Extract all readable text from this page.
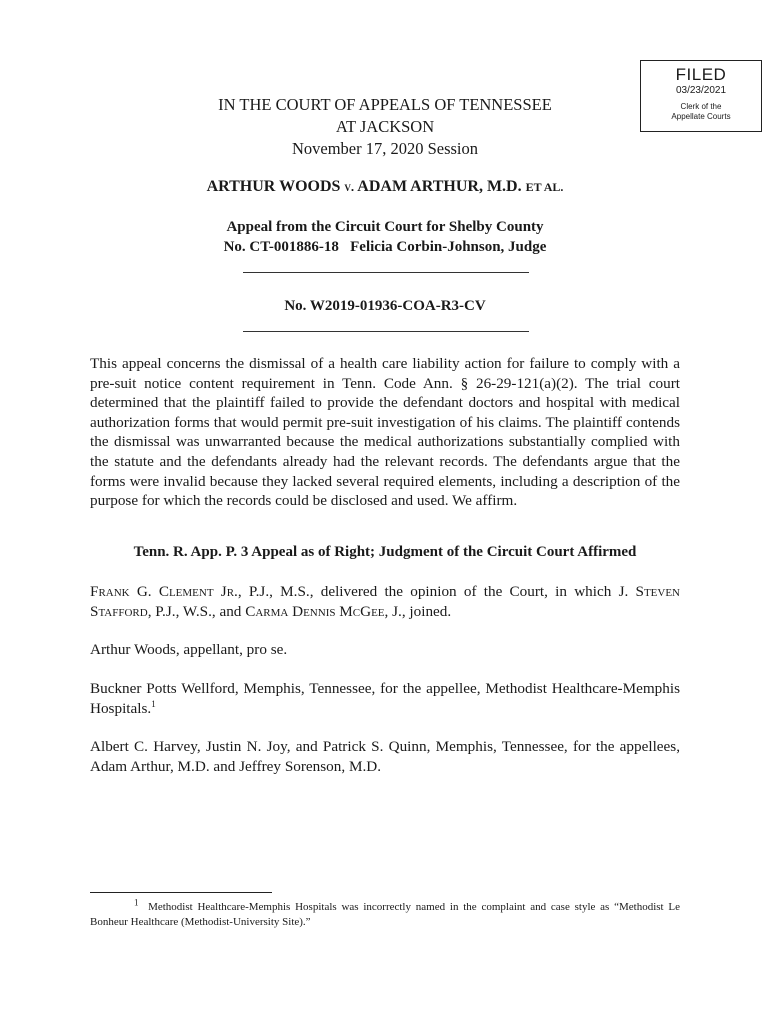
FILED
03/23/2021
Clerk of the
Appellate Courts
IN THE COURT OF APPEALS OF TENNESSEE
AT JACKSON
November 17, 2020 Session
ARTHUR WOODS v. ADAM ARTHUR, M.D. ET AL.
Appeal from the Circuit Court for Shelby County
No. CT-001886-18   Felicia Corbin-Johnson, Judge
No. W2019-01936-COA-R3-CV
This appeal concerns the dismissal of a health care liability action for failure to comply with a pre-suit notice content requirement in Tenn. Code Ann. § 26-29-121(a)(2). The trial court determined that the plaintiff failed to provide the defendant doctors and hospital with medical authorization forms that would permit pre-suit investigation of his claims. The plaintiff contends the dismissal was unwarranted because the medical authorizations substantially complied with the statute and the defendants already had the relevant records. The defendants argue that the forms were invalid because they lacked several required elements, including a description of the purpose for which the records could be disclosed and used. We affirm.
Tenn. R. App. P. 3 Appeal as of Right; Judgment of the Circuit Court Affirmed
Frank G. Clement Jr., P.J., M.S., delivered the opinion of the Court, in which J. Steven Stafford, P.J., W.S., and Carma Dennis McGee, J., joined.
Arthur Woods, appellant, pro se.
Buckner Potts Wellford, Memphis, Tennessee, for the appellee, Methodist Healthcare-Memphis Hospitals.$^1$
Albert C. Harvey, Justin N. Joy, and Patrick S. Quinn, Memphis, Tennessee, for the appellees, Adam Arthur, M.D. and Jeffrey Sorenson, M.D.
$^1$ Methodist Healthcare-Memphis Hospitals was incorrectly named in the complaint and case style as “Methodist Le Bonheur Healthcare (Methodist-University Site).”
